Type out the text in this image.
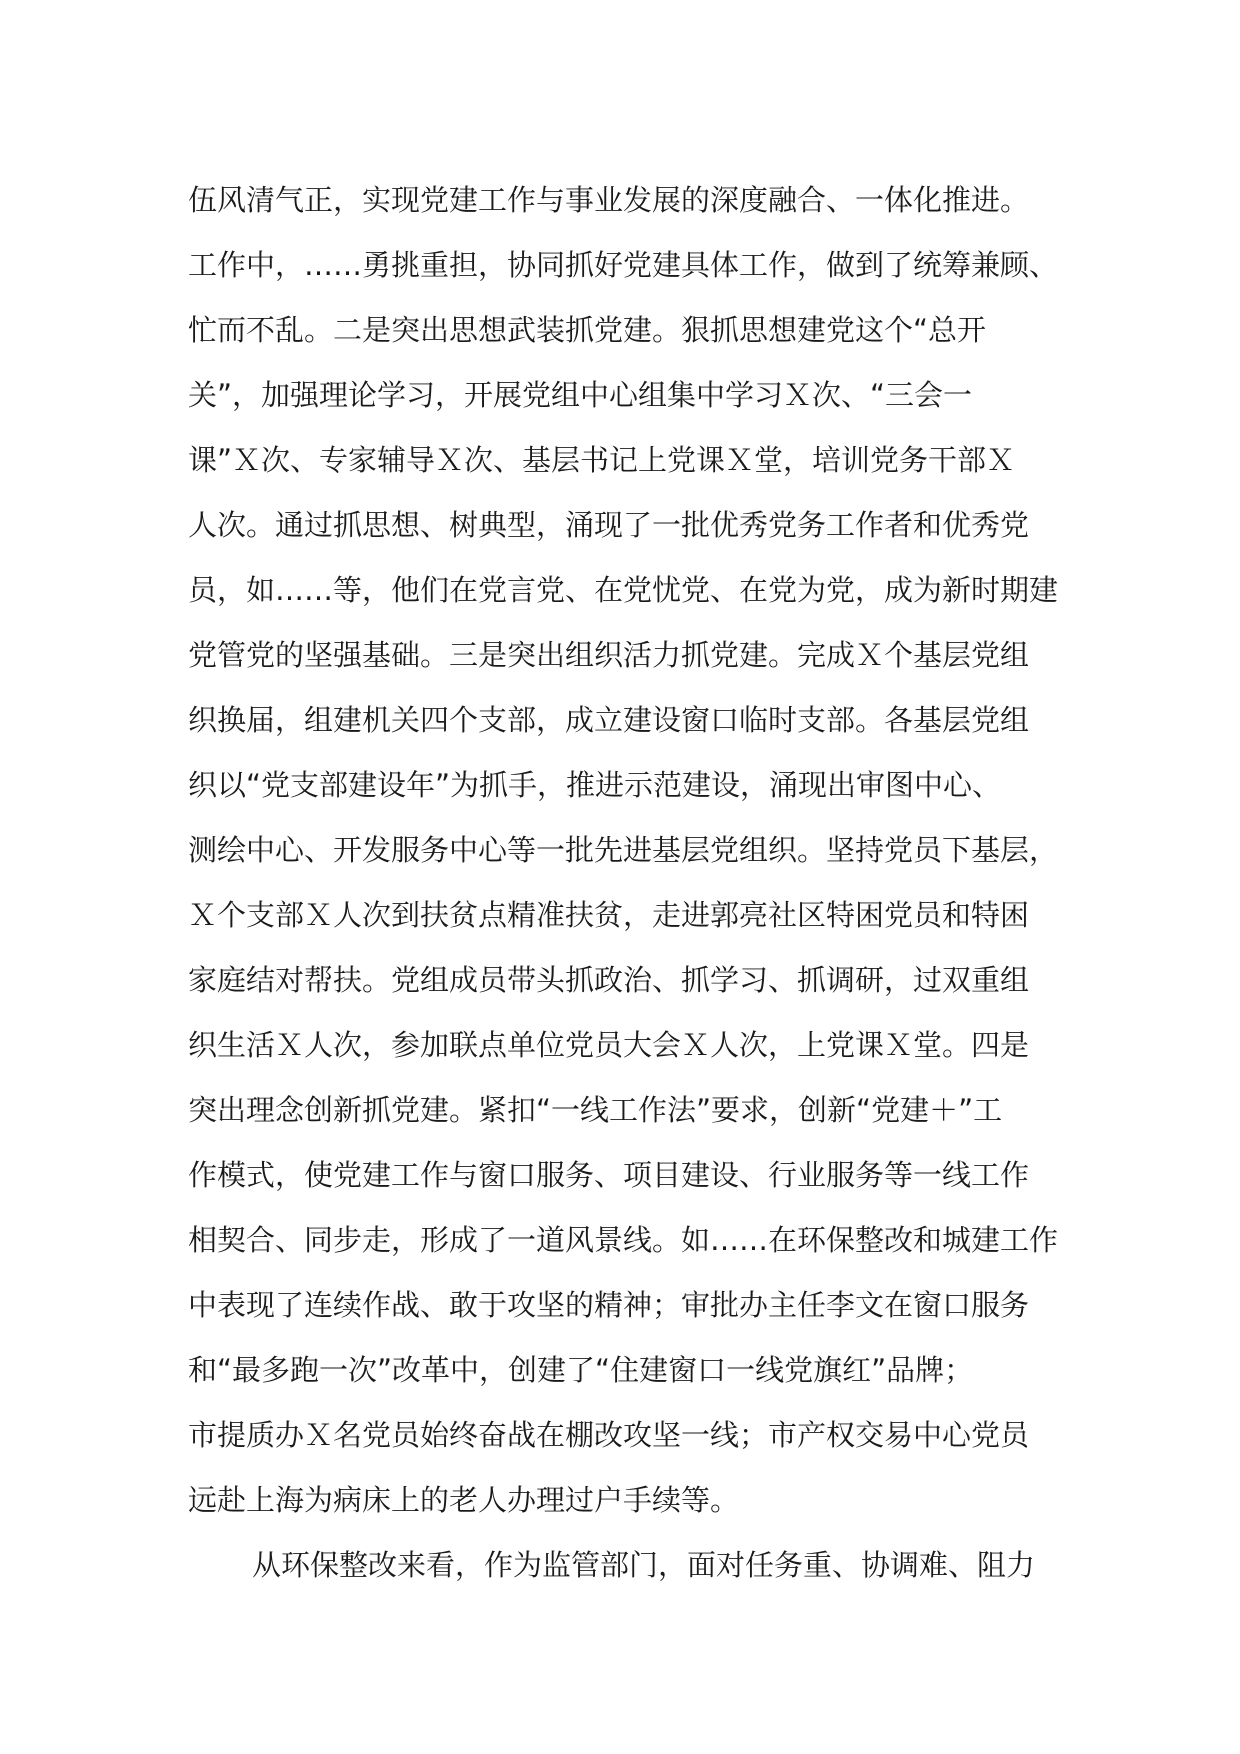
伍风清气正，实现党建工作与事业发展的深度融合、一体化推进。
工作中，……勇挑重担，协同抓好党建具体工作，做到了统筹兼顾、
忙而不乱。二是突出思想武装抓党建。狠抓思想建党这个“总开
关”，加强理论学习，开展党组中心组集中学习Ｘ次、“三会一
课”Ｘ次、专家辅导Ｘ次、基层书记上党课Ｘ堂，培训党务干部Ｘ
人次。通过抓思想、树典型，涌现了一批优秀党务工作者和优秀党
员，如……等，他们在党言党、在党忧党、在党为党，成为新时期建
党管党的坚强基础。三是突出组织活力抓党建。完成Ｘ个基层党组
织换届，组建机关四个支部，成立建设窗口临时支部。各基层党组
织以“党支部建设年”为抓手，推进示范建设，涌现出审图中心、
测绘中心、开发服务中心等一批先进基层党组织。坚持党员下基层，
Ｘ个支部Ｘ人次到扶贫点精准扶贫，走进郭亮社区特困党员和特困
家庭结对帮扶。党组成员带头抓政治、抓学习、抓调研，过双重组
织生活Ｘ人次，参加联点单位党员大会Ｘ人次，上党课Ｘ堂。四是
突出理念创新抓党建。紧扣“一线工作法”要求，创新“党建＋”工
作模式，使党建工作与窗口服务、项目建设、行业服务等一线工作
相契合、同步走，形成了一道风景线。如……在环保整改和城建工作
中表现了连续作战、敢于攻坚的精神；审批办主任李文在窗口服务
和“最多跑一次”改革中，创建了“住建窗口一线党旗红”品牌；
市提质办Ｘ名党员始终奋战在棚改攻坚一线；市产权交易中心党员
远赴上海为病床上的老人办理过户手续等。
从环保整改来看，作为监管部门，面对任务重、协调难、阻力
